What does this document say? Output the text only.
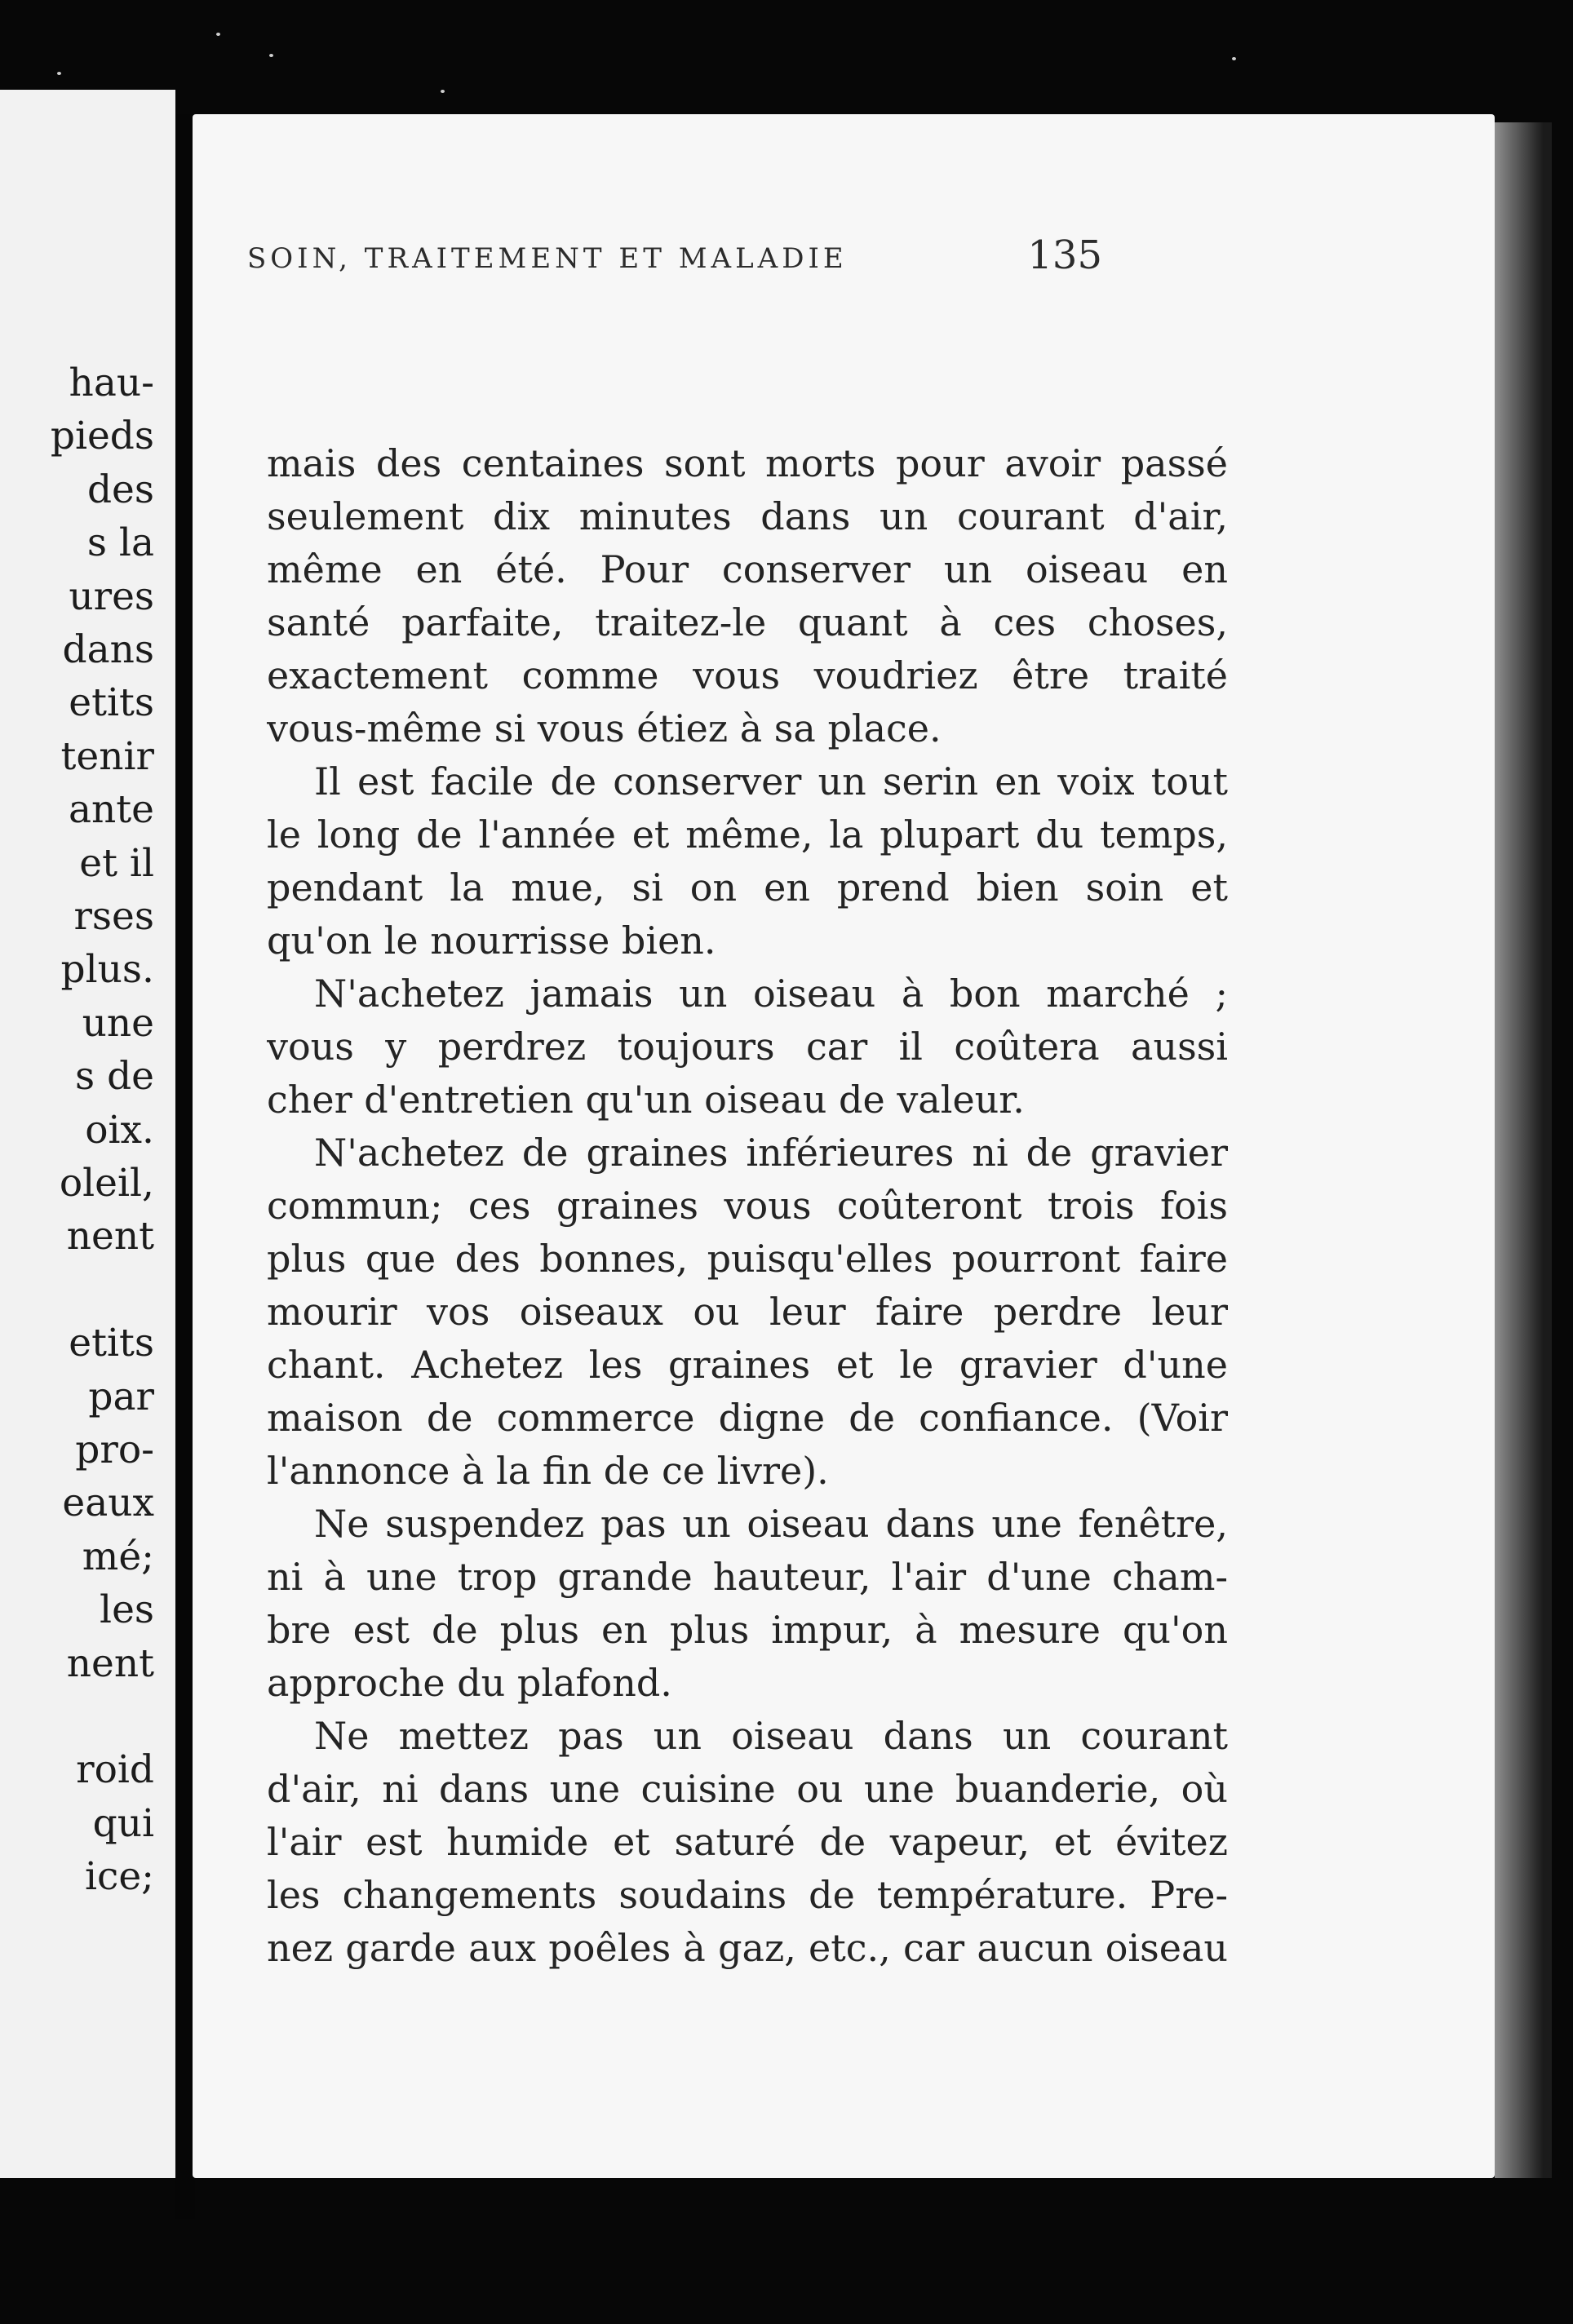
hau-
pieds
des
s la
ures
dans
etits
tenir
ante
et il
rses
plus.
une
s de
oix.
oleil,
nent
etits
par
pro-
eaux
mé;
les
nent
roid
qui
ice;
SOIN, TRAITEMENT ET MALADIE	135
mais des centaines sont morts pour avoir passé
seulement dix minutes dans un courant d'air,
même en été. Pour conserver un oiseau en
santé parfaite, traitez-le quant à ces choses,
exactement comme vous voudriez être traité
vous-même si vous étiez à sa place.
Il est facile de conserver un serin en voix tout
le long de l'année et même, la plupart du temps,
pendant la mue, si on en prend bien soin et
qu'on le nourrisse bien.
N'achetez jamais un oiseau à bon marché ;
vous y perdrez toujours car il coûtera aussi
cher d'entretien qu'un oiseau de valeur.
N'achetez de graines inférieures ni de gravier
commun; ces graines vous coûteront trois fois
plus que des bonnes, puisqu'elles pourront faire
mourir vos oiseaux ou leur faire perdre leur
chant. Achetez les graines et le gravier d'une
maison de commerce digne de confiance. (Voir
l'annonce à la fin de ce livre).
Ne suspendez pas un oiseau dans une fenêtre,
ni à une trop grande hauteur, l'air d'une cham-
bre est de plus en plus impur, à mesure qu'on
approche du plafond.
Ne mettez pas un oiseau dans un courant
d'air, ni dans une cuisine ou une buanderie, où
l'air est humide et saturé de vapeur, et évitez
les changements soudains de température. Pre-
nez garde aux poêles à gaz, etc., car aucun oiseau
